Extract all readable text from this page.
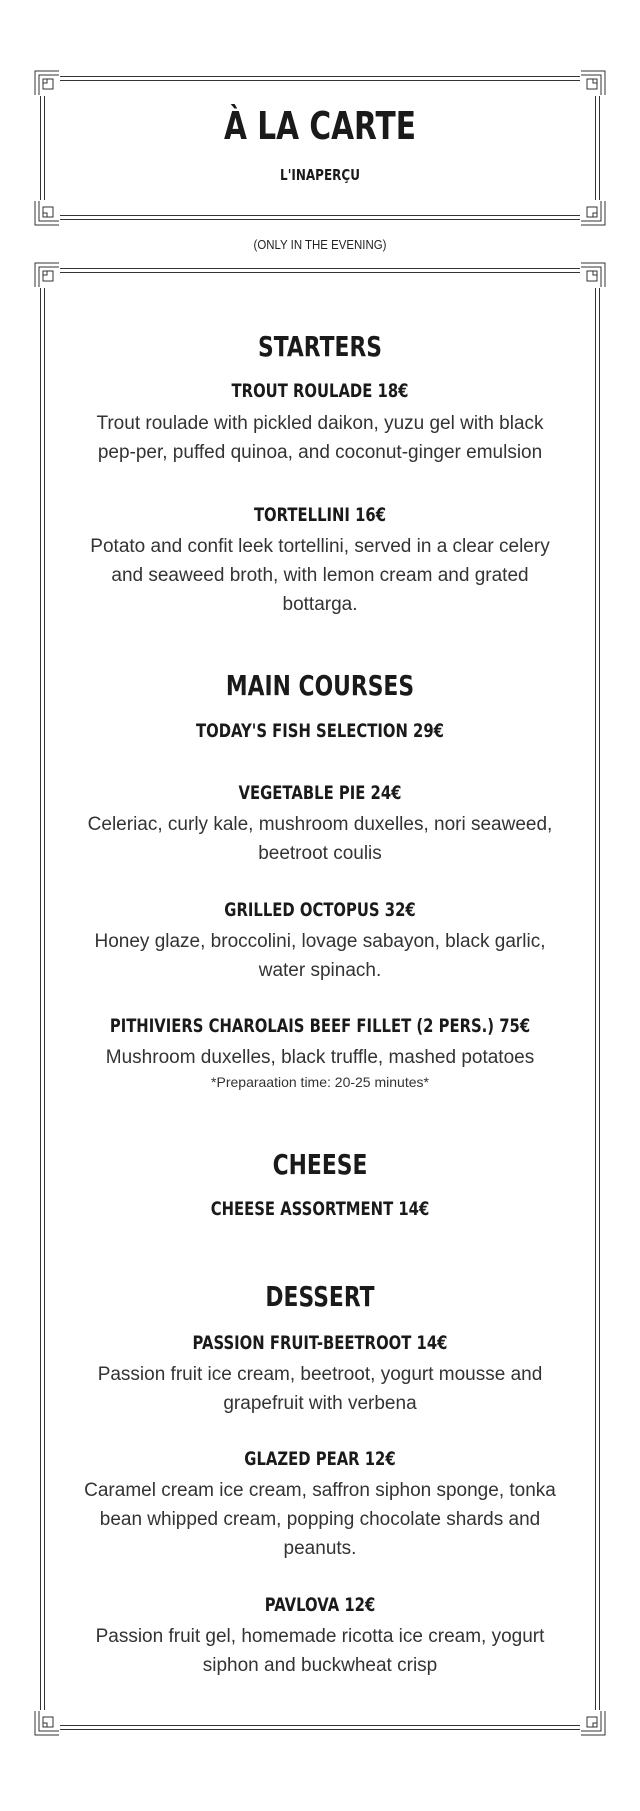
À LA CARTE
L'INAPERÇU
(ONLY IN THE EVENING)
STARTERS
TROUT ROULADE 18€
Trout roulade with pickled daikon, yuzu gel with black pep-per, puffed quinoa, and coconut-ginger emulsion
TORTELLINI 16€
Potato and confit leek tortellini, served in a clear celery and seaweed broth, with lemon cream and grated bottarga.
MAIN COURSES
TODAY'S FISH SELECTION 29€
VEGETABLE PIE 24€
Celeriac, curly kale, mushroom duxelles, nori seaweed, beetroot coulis
GRILLED OCTOPUS 32€
Honey glaze, broccolini, lovage sabayon, black garlic, water spinach.
PITHIVIERS CHAROLAIS BEEF FILLET (2 PERS.) 75€
Mushroom duxelles, black truffle, mashed potatoes
*Preparaation time: 20-25 minutes*
CHEESE
CHEESE ASSORTMENT 14€
DESSERT
PASSION FRUIT-BEETROOT 14€
Passion fruit ice cream, beetroot, yogurt mousse and grapefruit with verbena
GLAZED PEAR 12€
Caramel cream ice cream, saffron siphon sponge, tonka bean whipped cream, popping chocolate shards and peanuts.
PAVLOVA 12€
Passion fruit gel, homemade ricotta ice cream, yogurt siphon and buckwheat crisp
